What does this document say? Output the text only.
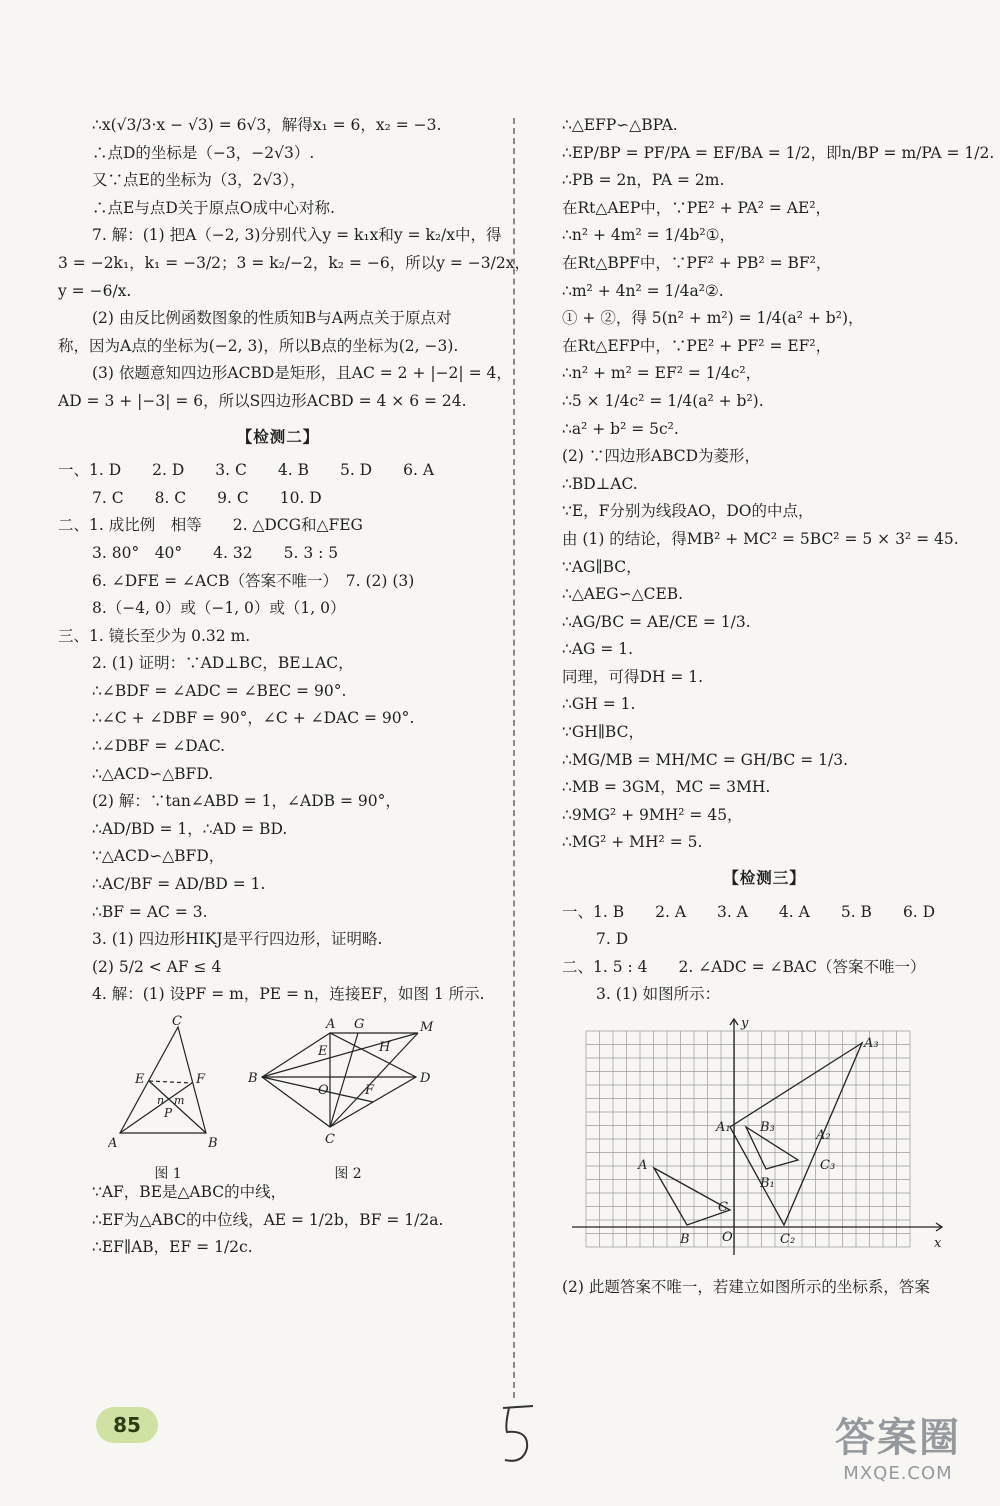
∴x(√3/3·x − √3) = 6√3，解得x₁ = 6，x₂ = −3.
∴点D的坐标是（−3，−2√3）.
又∵点E的坐标为（3，2√3），
∴点E与点D关于原点O成中心对称.
7. 解：(1) 把A（−2, 3)分别代入y = k₁x和y = k₂/x中，得
3 = −2k₁，k₁ = −3/2；3 = k₂/−2，k₂ = −6，所以y = −3/2x，
y = −6/x.
(2) 由反比例函数图象的性质知B与A两点关于原点对
称，因为A点的坐标为(−2, 3)，所以B点的坐标为(2, −3).
(3) 依题意知四边形ACBD是矩形，且AC = 2 + |−2| = 4，
AD = 3 + |−3| = 6，所以S四边形ACBD = 4 × 6 = 24.
【检测二】
一、1. D　　2. D　　3. C　　4. B　　5. D　　6. A
7. C　　8. C　　9. C　　10. D
二、1. 成比例　相等　　2. △DCG和△FEG
3. 80°　40°　　4. 32　　5. 3 : 5
6. ∠DFE = ∠ACB（答案不唯一）　7. (2) (3)
8.（−4, 0）或（−1, 0）或（1, 0）
三、1. 镜长至少为 0.32 m.
2. (1) 证明：∵AD⊥BC，BE⊥AC，
∴∠BDF = ∠ADC = ∠BEC = 90°.
∴∠C + ∠DBF = 90°，∠C + ∠DAC = 90°.
∴∠DBF = ∠DAC.
∴△ACD∽△BFD.
(2) 解：∵tan∠ABD = 1，∠ADB = 90°，
∴AD/BD = 1，∴AD = BD.
∵△ACD∽△BFD，
∴AC/BF = AD/BD = 1.
∴BF = AC = 3.
3. (1) 四边形HIKJ是平行四边形，证明略.
(2) 5/2 < AF ≤ 4
4. 解：(1) 设PF = m，PE = n，连接EF，如图 1 所示.
C
E	F
n m
P
A	B
图 1
A G	M
E	H
B
O	F
D
C
图 2
∵AF，BE是△ABC的中线，
∴EF为△ABC的中位线，AE = 1/2b，BF = 1/2a.
∴EF∥AB，EF = 1/2c.
∴△EFP∽△BPA.
∴EP/BP = PF/PA = EF/BA = 1/2，即n/BP = m/PA = 1/2.
∴PB = 2n，PA = 2m.
在Rt△AEP中，∵PE² + PA² = AE²，
∴n² + 4m² = 1/4b²①，
在Rt△BPF中，∵PF² + PB² = BF²，
∴m² + 4n² = 1/4a²②.
① + ②，得 5(n² + m²) = 1/4(a² + b²)，
在Rt△EFP中，∵PE² + PF² = EF²，
∴n² + m² = EF² = 1/4c²，
∴5 × 1/4c² = 1/4(a² + b²).
∴a² + b² = 5c².
(2) ∵四边形ABCD为菱形，
∴BD⊥AC.
∵E，F分别为线段AO，DO的中点，
由 (1) 的结论，得MB² + MC² = 5BC² = 5 × 3² = 45.
∵AG∥BC，
∴△AEG∽△CEB.
∴AG/BC = AE/CE = 1/3.
∴AG = 1.
同理，可得DH = 1.
∴GH = 1.
∵GH∥BC，
∴MG/MB = MH/MC = GH/BC = 1/3.
∴MB = 3GM，MC = 3MH.
∴9MG² + 9MH² = 45，
∴MG² + MH² = 5.
【检测三】
一、1. B　　2. A　　3. A　　4. A　　5. B　　6. D
7. D
二、1. 5 : 4　　2. ∠ADC = ∠BAC（答案不唯一）
3. (1) 如图所示：
y
x
O
A₃
A₁ B₃
A₂
C₃
B₁
A
C
B	C₂
(2) 此题答案不唯一，若建立如图所示的坐标系，答案
85	答案圈
MXQE.COM
